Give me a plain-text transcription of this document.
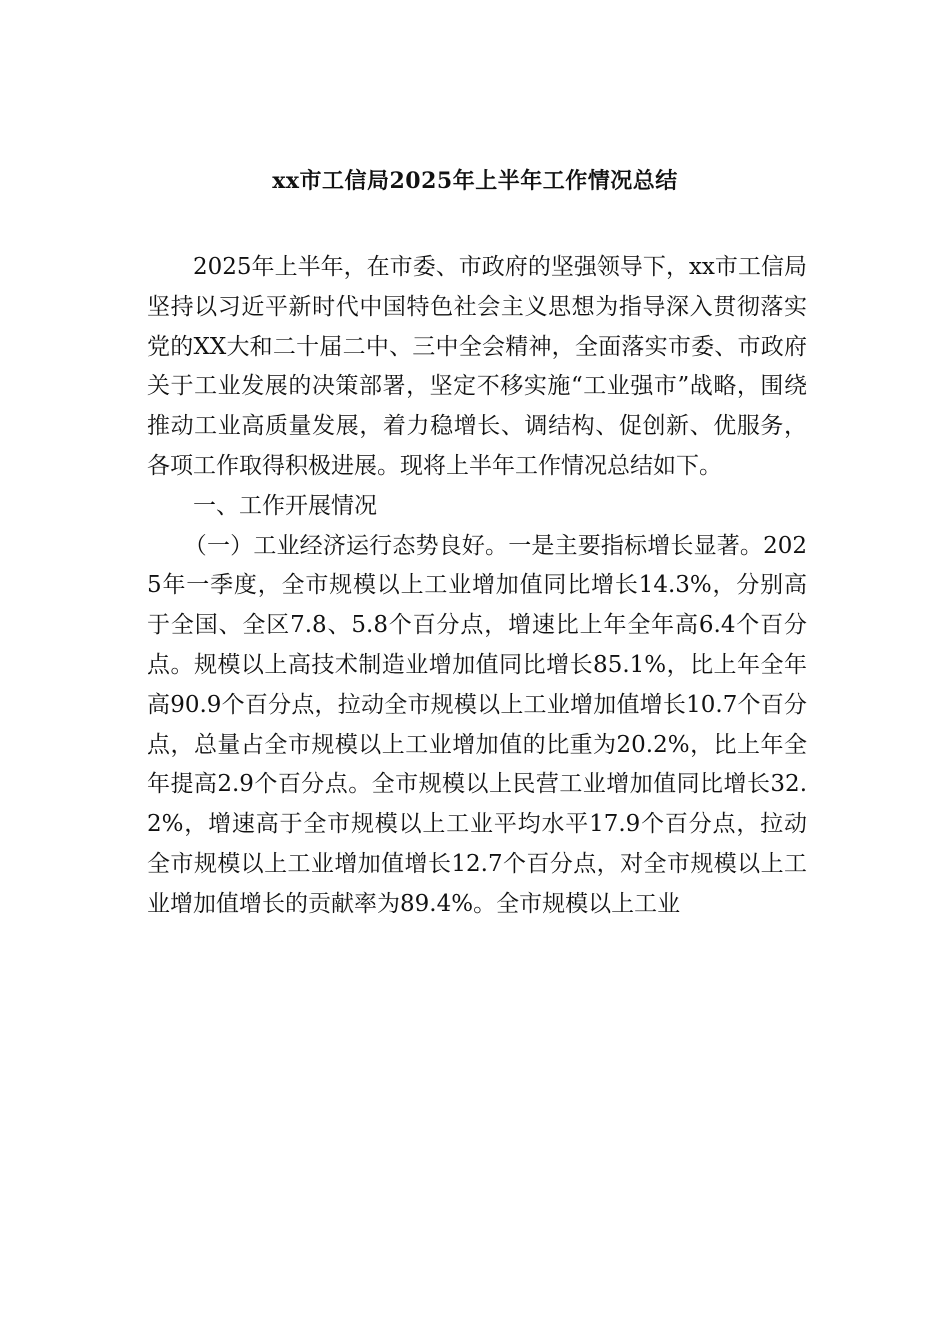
xx市工信局2025年上半年工作情况总结

2025年上半年，在市委、市政府的坚强领导下，xx市工信局坚持以习近平新时代中国特色社会主义思想为指导深入贯彻落实党的XX大和二十届二中、三中全会精神，全面落实市委、市政府关于工业发展的决策部署，坚定不移实施“工业强市”战略，围绕推动工业高质量发展，着力稳增长、调结构、促创新、优服务，各项工作取得积极进展。现将上半年工作情况总结如下。

一、工作开展情况

（一）工业经济运行态势良好。一是主要指标增长显著。2025年一季度，全市规模以上工业增加值同比增长14.3%，分别高于全国、全区7.8、5.8个百分点，增速比上年全年高6.4个百分点。规模以上高技术制造业增加值同比增长85.1%，比上年全年高90.9个百分点，拉动全市规模以上工业增加值增长10.7个百分点，总量占全市规模以上工业增加值的比重为20.2%，比上年全年提高2.9个百分点。全市规模以上民营工业增加值同比增长32.2%，增速高于全市规模以上工业平均水平17.9个百分点，拉动全市规模以上工业增加值增长12.7个百分点，对全市规模以上工业增加值增长的贡献率为89.4%。全市规模以上工业
